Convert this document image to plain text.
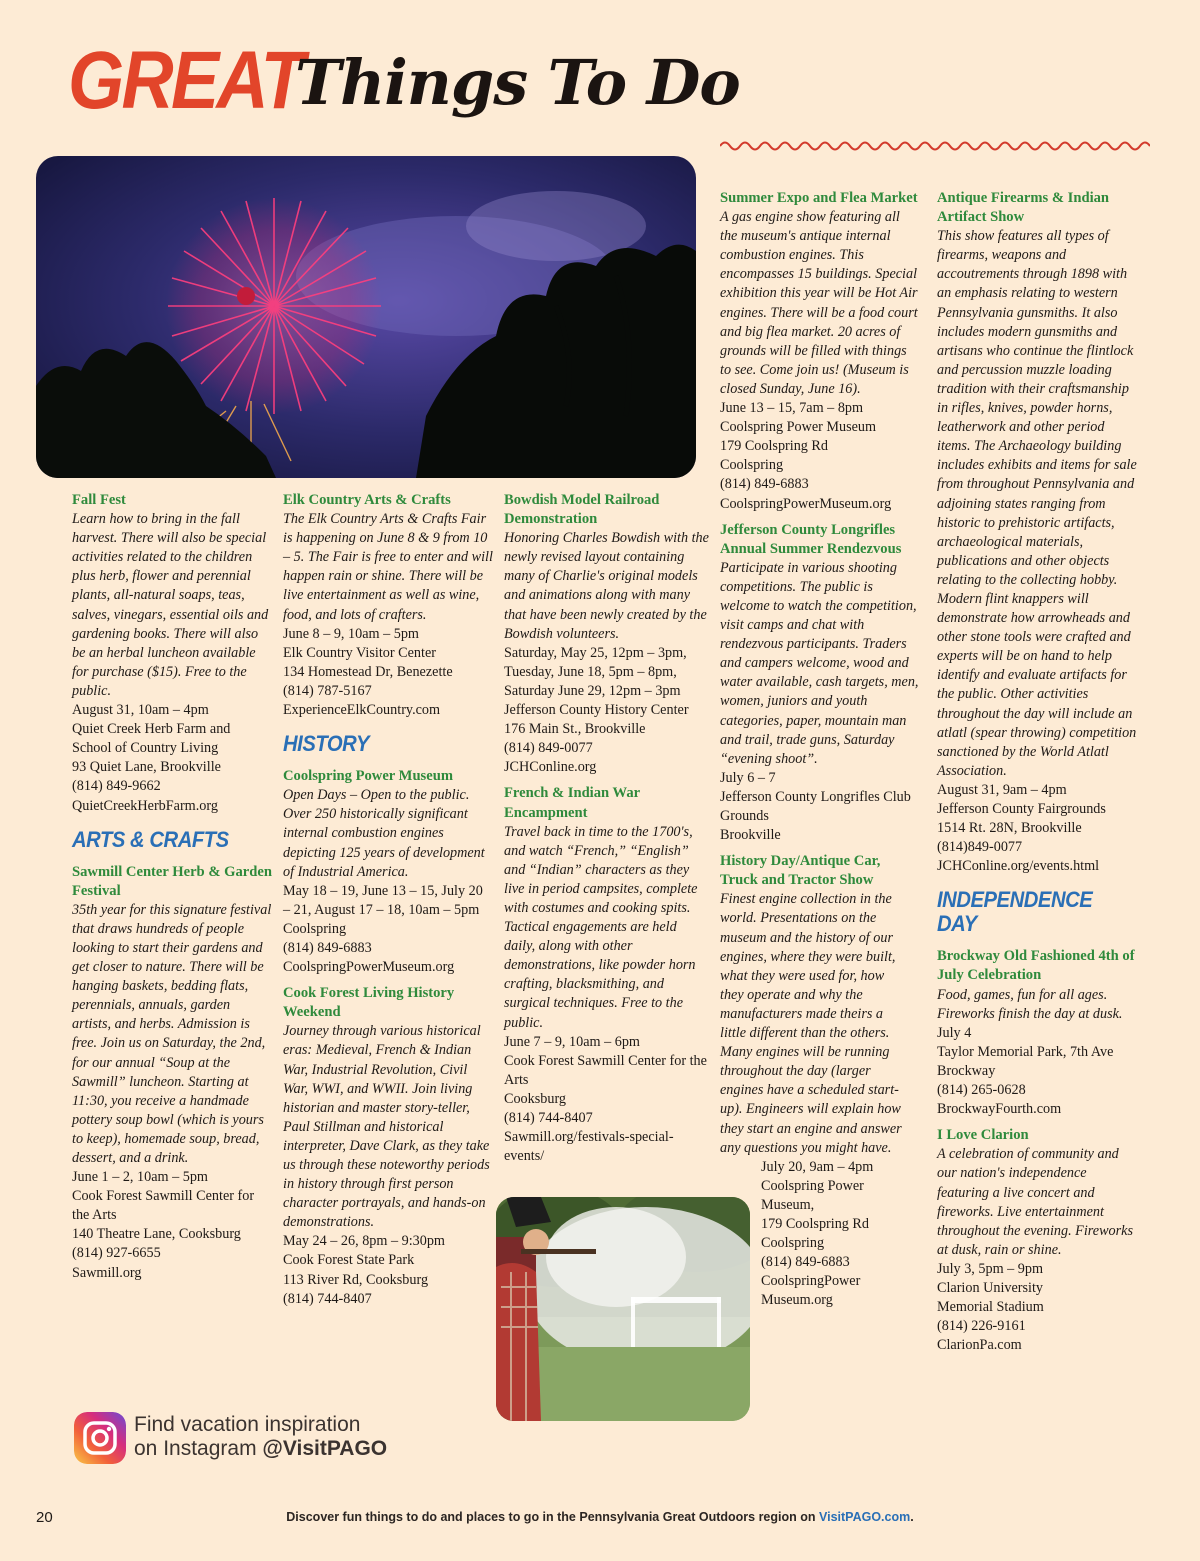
GREAT
Things To Do

Fall Fest

Learn how to bring in the fall harvest. There will also be special activities related to the children plus herb, flower and perennial plants, all-natural soaps, teas, salves, vinegars, essential oils and gardening books. There will also be an herbal luncheon available for purchase ($15). Free to the public.

August 31, 10am – 4pm

Quiet Creek Herb Farm and School of Country Living

93 Quiet Lane, Brookville

(814) 849-9662

QuietCreekHerbFarm.org

ARTS & CRAFTS

Sawmill Center Herb & Garden Festival

35th year for this signature festival that draws hundreds of people looking to start their gardens and get closer to nature. There will be hanging baskets, bedding flats, perennials, annuals, garden artists, and herbs. Admission is free. Join us on Saturday, the 2nd, for our annual “Soup at the Sawmill” luncheon. Starting at 11:30, you receive a handmade pottery soup bowl (which is yours to keep), homemade soup, bread, dessert, and a drink.

June 1 – 2, 10am – 5pm

Cook Forest Sawmill Center for the Arts

140 Theatre Lane, Cooksburg

(814) 927-6655

Sawmill.org

Elk Country Arts & Crafts

The Elk Country Arts & Crafts Fair is happening on June 8 & 9 from 10 – 5. The Fair is free to enter and will happen rain or shine. There will be live entertainment as well as wine, food, and lots of crafters.

June 8 – 9, 10am – 5pm

Elk Country Visitor Center

134 Homestead Dr, Benezette

(814) 787-5167

ExperienceElkCountry.com

HISTORY

Coolspring Power Museum

Open Days – Open to the public. Over 250 historically significant internal combustion engines depicting 125 years of development of Industrial America.

May 18 – 19, June 13 – 15, July 20 – 21, August 17 – 18, 10am – 5pm

Coolspring

(814) 849-6883

CoolspringPowerMuseum.org

Cook Forest Living History Weekend

Journey through various historical eras: Medieval, French & Indian War, Industrial Revolution, Civil War, WWI, and WWII. Join living historian and master story-teller, Paul Stillman and historical interpreter, Dave Clark, as they take us through these noteworthy periods in history through first person character portrayals, and hands-on demonstrations.

May 24 – 26, 8pm – 9:30pm

Cook Forest State Park

113 River Rd, Cooksburg

(814) 744-8407

Bowdish Model Railroad Demonstration

Honoring Charles Bowdish with the newly revised layout containing many of Charlie's original models and animations along with many that have been newly created by the Bowdish volunteers.

Saturday, May 25, 12pm – 3pm, Tuesday, June 18, 5pm – 8pm, Saturday June 29, 12pm – 3pm

Jefferson County History Center

176 Main St., Brookville

(814) 849-0077

JCHConline.org

French & Indian War Encampment

Travel back in time to the 1700's, and watch “French,” “English” and “Indian” characters as they live in period campsites, complete with costumes and cooking spits. Tactical engagements are held daily, along with other demonstrations, like powder horn crafting, blacksmithing, and surgical techniques. Free to the public.

June 7 – 9, 10am – 6pm

Cook Forest Sawmill Center for the Arts

Cooksburg

(814) 744-8407

Sawmill.org/festivals-special-events/

Summer Expo and Flea Market

A gas engine show featuring all the museum's antique internal combustion engines. This encompasses 15 buildings. Special exhibition this year will be Hot Air engines. There will be a food court and big flea market. 20 acres of grounds will be filled with things to see. Come join us! (Museum is closed Sunday, June 16).

June 13 – 15, 7am – 8pm

Coolspring Power Museum

179 Coolspring Rd

Coolspring

(814) 849-6883

CoolspringPowerMuseum.org

Jefferson County Longrifles Annual Summer Rendezvous

Participate in various shooting competitions. The public is welcome to watch the competition, visit camps and chat with rendezvous participants. Traders and campers welcome, wood and water available, cash targets, men, women, juniors and youth categories, paper, mountain man and trail, trade guns, Saturday “evening shoot”.

July 6 – 7

Jefferson County Longrifles Club Grounds

Brookville

History Day/Antique Car, Truck and Tractor Show

Finest engine collection in the world. Presentations on the museum and the history of our engines, where they were built, what they were used for, how they operate and why the manufacturers made theirs a little different than the others. Many engines will be running throughout the day (larger engines have a scheduled start-up). Engineers will explain how they start an engine and answer any questions you might have.

July 20, 9am – 4pm

Coolspring Power Museum,

179 Coolspring Rd

Coolspring

(814) 849-6883

CoolspringPower Museum.org

Antique Firearms & Indian Artifact Show

This show features all types of firearms, weapons and accoutrements through 1898 with an emphasis relating to western Pennsylvania gunsmiths. It also includes modern gunsmiths and artisans who continue the flintlock and percussion muzzle loading tradition with their craftsmanship in rifles, knives, powder horns, leatherwork and other period items. The Archaeology building includes exhibits and items for sale from throughout Pennsylvania and adjoining states ranging from historic to prehistoric artifacts, archaeological materials, publications and other objects relating to the collecting hobby. Modern flint knappers will demonstrate how arrowheads and other stone tools were crafted and experts will be on hand to help identify and evaluate artifacts for the public. Other activities throughout the day will include an atlatl (spear throwing) competition sanctioned by the World Atlatl Association.

August 31, 9am – 4pm

Jefferson County Fairgrounds

1514 Rt. 28N, Brookville

(814)849-0077

JCHConline.org/events.html

INDEPENDENCE DAY

Brockway Old Fashioned 4th of July Celebration

Food, games, fun for all ages. Fireworks finish the day at dusk.

July 4

Taylor Memorial Park, 7th Ave

Brockway

(814) 265-0628

BrockwayFourth.com

I Love Clarion

A celebration of community and our nation's independence featuring a live concert and fireworks. Live entertainment throughout the evening. Fireworks at dusk, rain or shine.

July 3, 5pm – 9pm

Clarion University Memorial Stadium

(814) 226-9161

ClarionPa.com

Find vacation inspiration
on Instagram @VisitPAGO
20	Discover fun things to do and places to go in the Pennsylvania Great Outdoors region on VisitPAGO.com.
